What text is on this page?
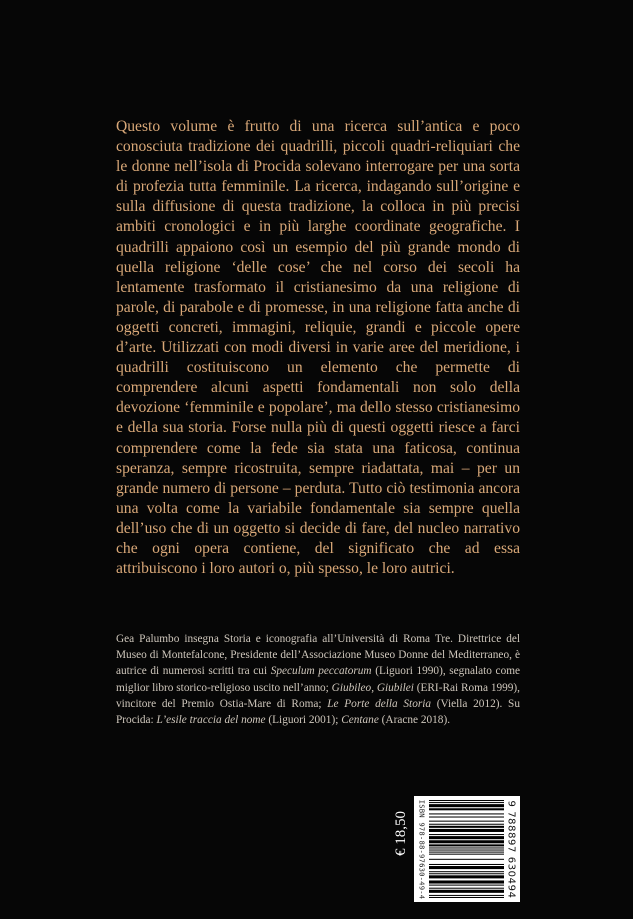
Questo volume è frutto di una ricerca sull’antica e poco conosciuta tradizione dei quadrilli, piccoli quadri-reliquiari che le donne nell’isola di Procida solevano interrogare per una sorta di profezia tutta femminile. La ricerca, indagando sull’origine e sulla diffusione di questa tradizione, la colloca in più precisi ambiti cronologici e in più larghe coordinate geografiche. I quadrilli appaiono così un esempio del più grande mondo di quella religione ‘delle cose’ che nel corso dei secoli ha lentamente trasformato il cristianesimo da una religione di parole, di parabole e di promesse, in una religione fatta anche di oggetti concreti, immagini, reliquie, grandi e piccole opere d’arte. Utilizzati con modi diversi in varie aree del meridione, i quadrilli costituiscono un elemento che permette di comprendere alcuni aspetti fondamentali non solo della devozione ‘femminile e popolare’, ma dello stesso cristianesimo e della sua storia. Forse nulla più di questi oggetti riesce a farci comprendere come la fede sia stata una faticosa, continua speranza, sempre ricostruita, sempre riadattata, mai – per un grande numero di persone – perduta. Tutto ciò testimonia ancora una volta come la variabile fondamentale sia sempre quella dell’uso che di un oggetto si decide di fare, del nucleo narrativo che ogni opera contiene, del significato che ad essa attribuiscono i loro autori o, più spesso, le loro autrici.

Gea Palumbo insegna Storia e iconografia all’Università di Roma Tre. Direttrice del Museo di Montefalcone, Presidente dell’Associazione Museo Donne del Mediterraneo, è autrice di numerosi scritti tra cui Speculum peccatorum (Liguori 1990), segnalato come miglior libro storico-religioso uscito nell’anno; Giubileo, Giubilei (ERI-Rai Roma 1999), vincitore del Premio Ostia-Mare di Roma; Le Porte della Storia (Viella 2012). Su Procida: L’esile traccia del nome (Liguori 2001); Centane (Aracne 2018).

€ 18,50 ISBN 978-88-97630-49-4	9 788897 630494
